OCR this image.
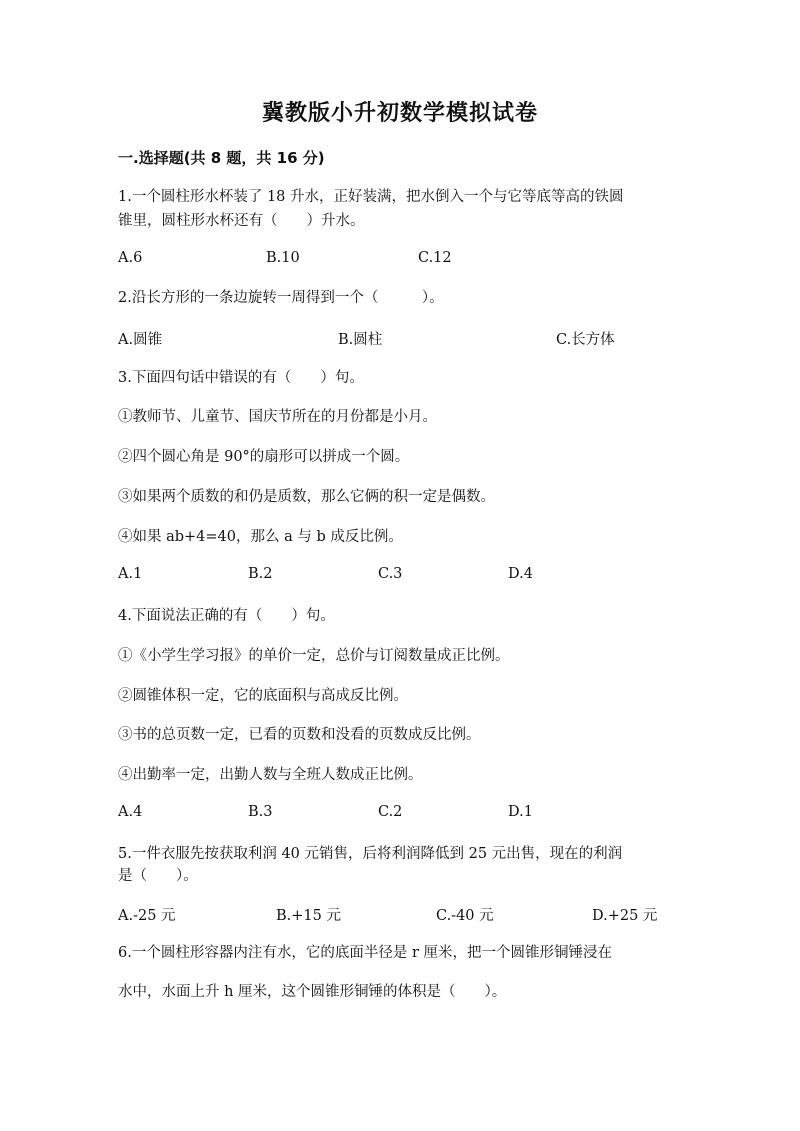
冀教版小升初数学模拟试卷
一.选择题(共 8 题，共 16 分)
1.一个圆柱形水杯装了 18 升水，正好装满，把水倒入一个与它等底等高的铁圆
锥里，圆柱形水杯还有（　　）升水。
A.6	B.10	C.12
2.沿长方形的一条边旋转一周得到一个（　　　）。
A.圆锥	B.圆柱	C.长方体
3.下面四句话中错误的有（　　）句。
①教师节、儿童节、国庆节所在的月份都是小月。
②四个圆心角是 90°的扇形可以拼成一个圆。
③如果两个质数的和仍是质数，那么它俩的积一定是偶数。
④如果 ab+4=40，那么 a 与 b 成反比例。
A.1	B.2	C.3	D.4
4.下面说法正确的有（　　）句。
①《小学生学习报》的单价一定，总价与订阅数量成正比例。
②圆锥体积一定，它的底面积与高成反比例。
③书的总页数一定，已看的页数和没看的页数成反比例。
④出勤率一定，出勤人数与全班人数成正比例。
A.4	B.3	C.2	D.1
5.一件衣服先按获取利润 40 元销售，后将利润降低到 25 元出售，现在的利润
是（　　）。
A.-25 元	B.+15 元	C.-40 元	D.+25 元
6.一个圆柱形容器内注有水，它的底面半径是 r 厘米，把一个圆锥形铜锤浸在
水中，水面上升 h 厘米，这个圆锥形铜锤的体积是（　　）。
